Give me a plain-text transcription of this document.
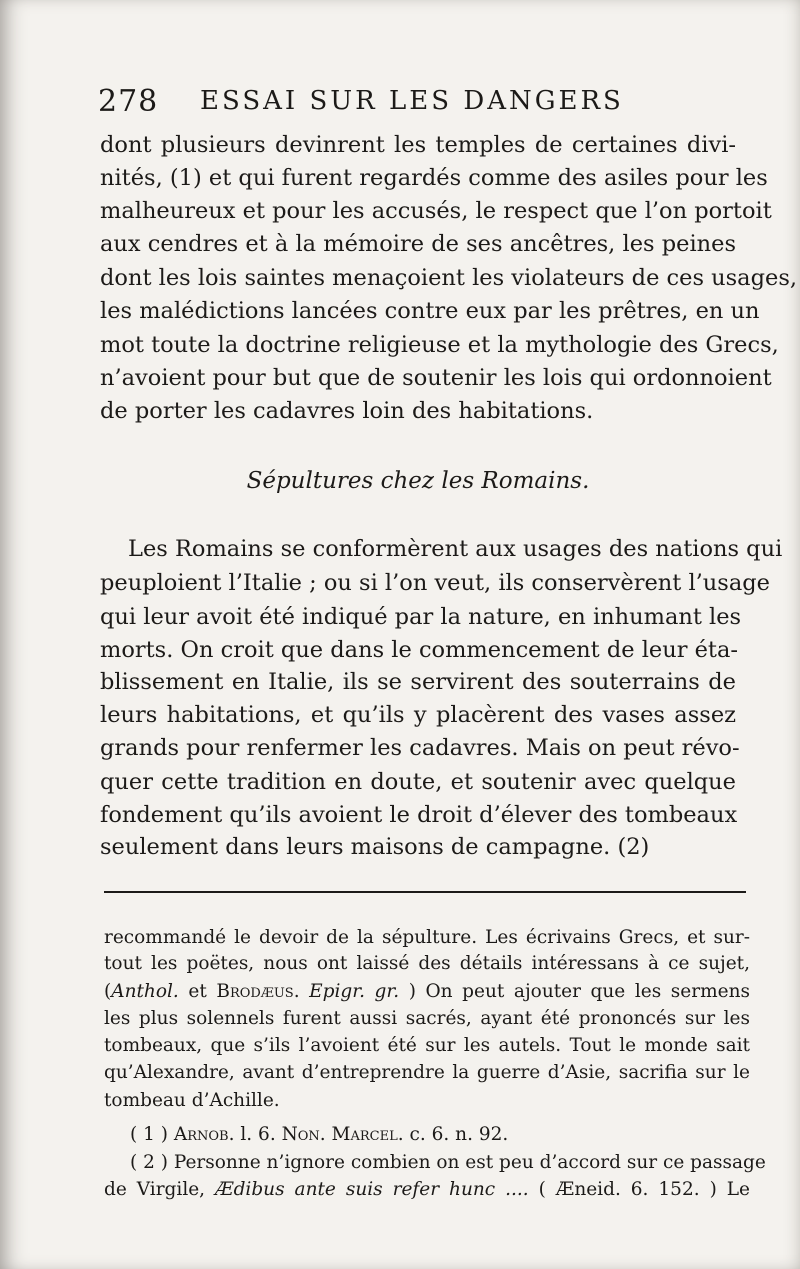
278 ESSAI SUR LES DANGERS
dont plusieurs devinrent les temples de certaines divi-
nités, (1) et qui furent regardés comme des asiles pour les
malheureux et pour les accusés, le respect que l’on portoit
aux cendres et à la mémoire de ses ancêtres, les peines
dont les lois saintes menaçoient les violateurs de ces usages,
les malédictions lancées contre eux par les prêtres, en un
mot toute la doctrine religieuse et la mythologie des Grecs,
n’avoient pour but que de soutenir les lois qui ordonnoient
de porter les cadavres loin des habitations.
Sépultures chez les Romains.
Les Romains se conformèrent aux usages des nations qui
peuploient l’Italie ; ou si l’on veut, ils conservèrent l’usage
qui leur avoit été indiqué par la nature, en inhumant les
morts. On croit que dans le commencement de leur éta-
blissement en Italie, ils se servirent des souterrains de
leurs habitations, et qu’ils y placèrent des vases assez
grands pour renfermer les cadavres. Mais on peut révo-
quer cette tradition en doute, et soutenir avec quelque
fondement qu’ils avoient le droit d’élever des tombeaux
seulement dans leurs maisons de campagne. (2)
recommandé le devoir de la sépulture. Les écrivains Grecs, et sur-
tout les poëtes, nous ont laissé des détails intéressans à ce sujet,
(Anthol. et Brodæus. Epigr. gr. ) On peut ajouter que les sermens
les plus solennels furent aussi sacrés, ayant été prononcés sur les
tombeaux, que s’ils l’avoient été sur les autels. Tout le monde sait
qu’Alexandre, avant d’entreprendre la guerre d’Asie, sacrifia sur le
tombeau d’Achille.
( 1 ) Arnob. l. 6. Non. Marcel. c. 6. n. 92.
( 2 ) Personne n’ignore combien on est peu d’accord sur ce passage
de Virgile, Ædibus ante suis refer hunc .... ( Æneid. 6. 152. ) Le
